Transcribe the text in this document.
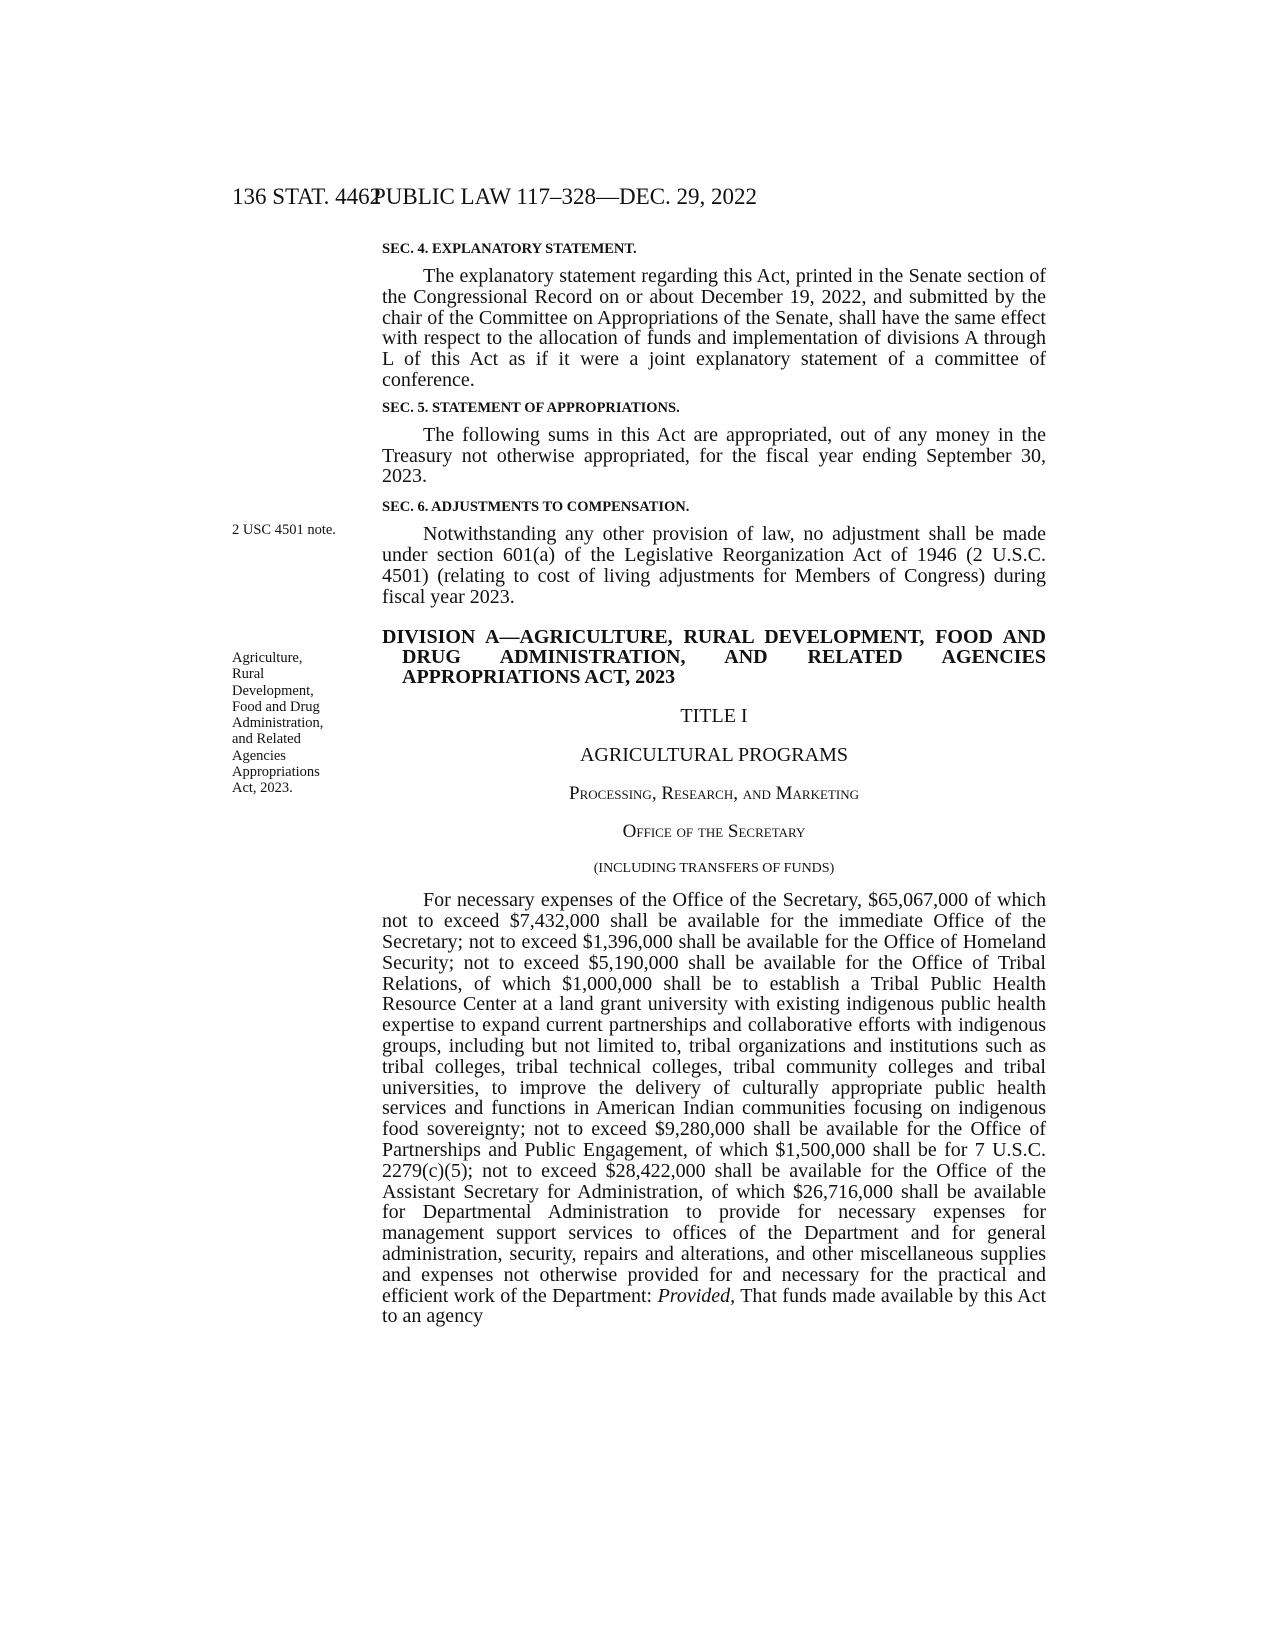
136 STAT. 4462
PUBLIC LAW 117–328—DEC. 29, 2022
2 USC 4501 note.
Agriculture,
Rural
Development,
Food and Drug
Administration,
and Related
Agencies
Appropriations
Act, 2023.

SEC. 4. EXPLANATORY STATEMENT.

The explanatory statement regarding this Act, printed in the Senate section of the Congressional Record on or about December 19, 2022, and submitted by the chair of the Committee on Appropriations of the Senate, shall have the same effect with respect to the allocation of funds and implementation of divisions A through L of this Act as if it were a joint explanatory statement of a committee of conference.

SEC. 5. STATEMENT OF APPROPRIATIONS.

The following sums in this Act are appropriated, out of any money in the Treasury not otherwise appropriated, for the fiscal year ending September 30, 2023.

SEC. 6. ADJUSTMENTS TO COMPENSATION.

Notwithstanding any other provision of law, no adjustment shall be made under section 601(a) of the Legislative Reorganization Act of 1946 (2 U.S.C. 4501) (relating to cost of living adjustments for Members of Congress) during fiscal year 2023.

DIVISION A—AGRICULTURE, RURAL DEVELOPMENT, FOOD AND DRUG ADMINISTRATION, AND RELATED AGENCIES APPROPRIATIONS ACT, 2023

TITLE I

AGRICULTURAL PROGRAMS

Processing, Research, and Marketing

Office of the Secretary

(INCLUDING TRANSFERS OF FUNDS)

For necessary expenses of the Office of the Secretary, $65,067,000 of which not to exceed $7,432,000 shall be available for the immediate Office of the Secretary; not to exceed $1,396,000 shall be available for the Office of Homeland Security; not to exceed $5,190,000 shall be available for the Office of Tribal Relations, of which $1,000,000 shall be to establish a Tribal Public Health Resource Center at a land grant university with existing indigenous public health expertise to expand current partnerships and collaborative efforts with indigenous groups, including but not limited to, tribal organizations and institutions such as tribal colleges, tribal technical colleges, tribal community colleges and tribal universities, to improve the delivery of culturally appropriate public health services and functions in American Indian communities focusing on indigenous food sovereignty; not to exceed $9,280,000 shall be available for the Office of Partnerships and Public Engagement, of which $1,500,000 shall be for 7 U.S.C. 2279(c)(5); not to exceed $28,422,000 shall be available for the Office of the Assistant Secretary for Administration, of which $26,716,000 shall be available for Departmental Administration to provide for necessary expenses for management support services to offices of the Department and for general administration, security, repairs and alterations, and other miscellaneous supplies and expenses not otherwise provided for and necessary for the practical and efficient work of the Department: Provided, That funds made available by this Act to an agency
